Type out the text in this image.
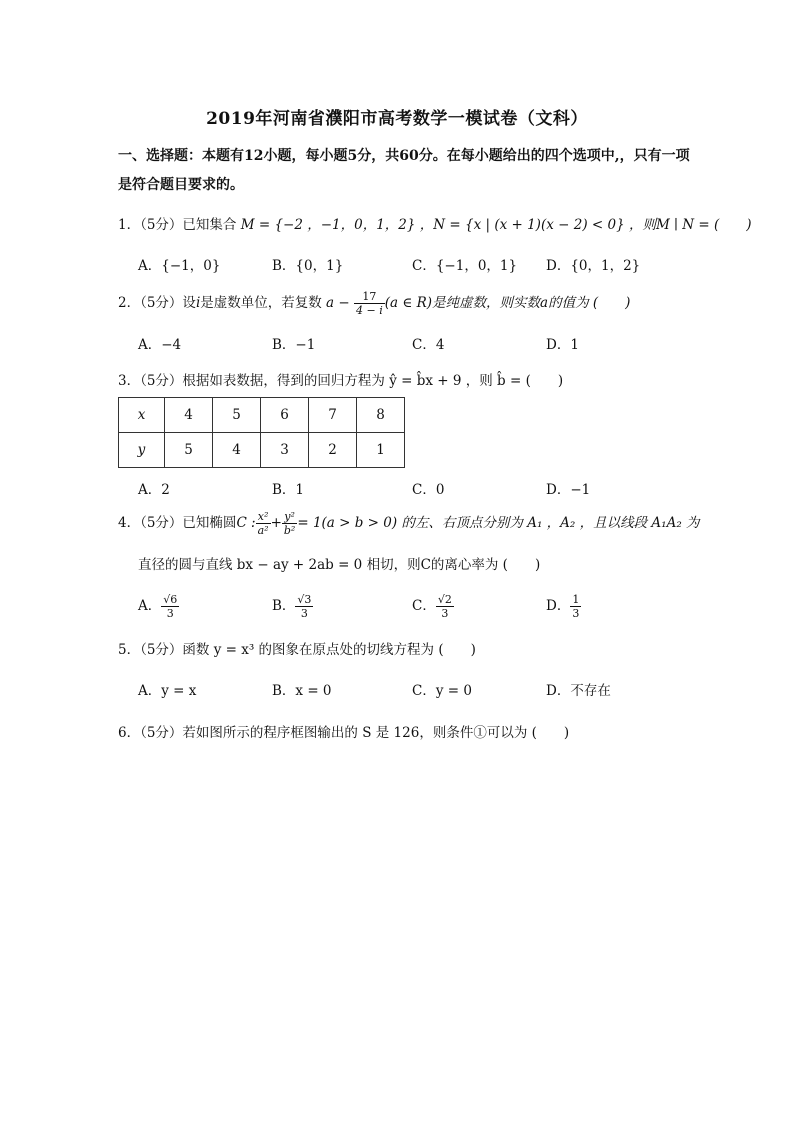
2019年河南省濮阳市高考数学一模试卷（文科）
一、选择题：本题有12小题，每小题5分，共60分。在每小题给出的四个选项中,，只有一项是符合题目要求的。
1．（5分）已知集合 M = {−2 ，−1，0，1，2} ，N = {x | (x + 1)(x − 2) < 0} ，则M ∣ N = (　　)
A．{−1，0}	B．{0，1}	C．{−1，0，1} D．{0，1，2}
2．（5分）设i是虚数单位，若复数 $a - \frac{17}{4 - i} (a$ ∈ R)是纯虚数，则实数a的值为 (　　)
A．−4	B．−1	C．4	D．1
3．（5分）根据如表数据，得到的回归方程为 ŷ = b̂x + 9 ，则 b̂ = (　　)
x	4	5	6	7	8
y	5	4	3	2	1
A．2	B．1	C．0	D．−1
4．（5分）已知椭圆C : $\frac{\text{x²}}{\text{a²}} + \frac{\text{y²}}{\text{b²}} = 1(a > b > 0)$ 的左、右顶点分别为 A₁ ，A₂ ，且以线段 A₁A₂ 为
直径的圆与直线 bx − ay + 2ab = 0 相切，则C的离心率为 (　　)
A． $\frac{√6}{3}$	B． $\frac{√3}{3}$	C． $\frac{√2}{3}$	D． $\frac{1}{3}$
5．（5分）函数 y = x³ 的图象在原点处的切线方程为 (　　)
A．y = x	B．x = 0	C．y = 0	D．不存在
6．（5分）若如图所示的程序框图输出的 S 是 126，则条件①可以为 (　　)
